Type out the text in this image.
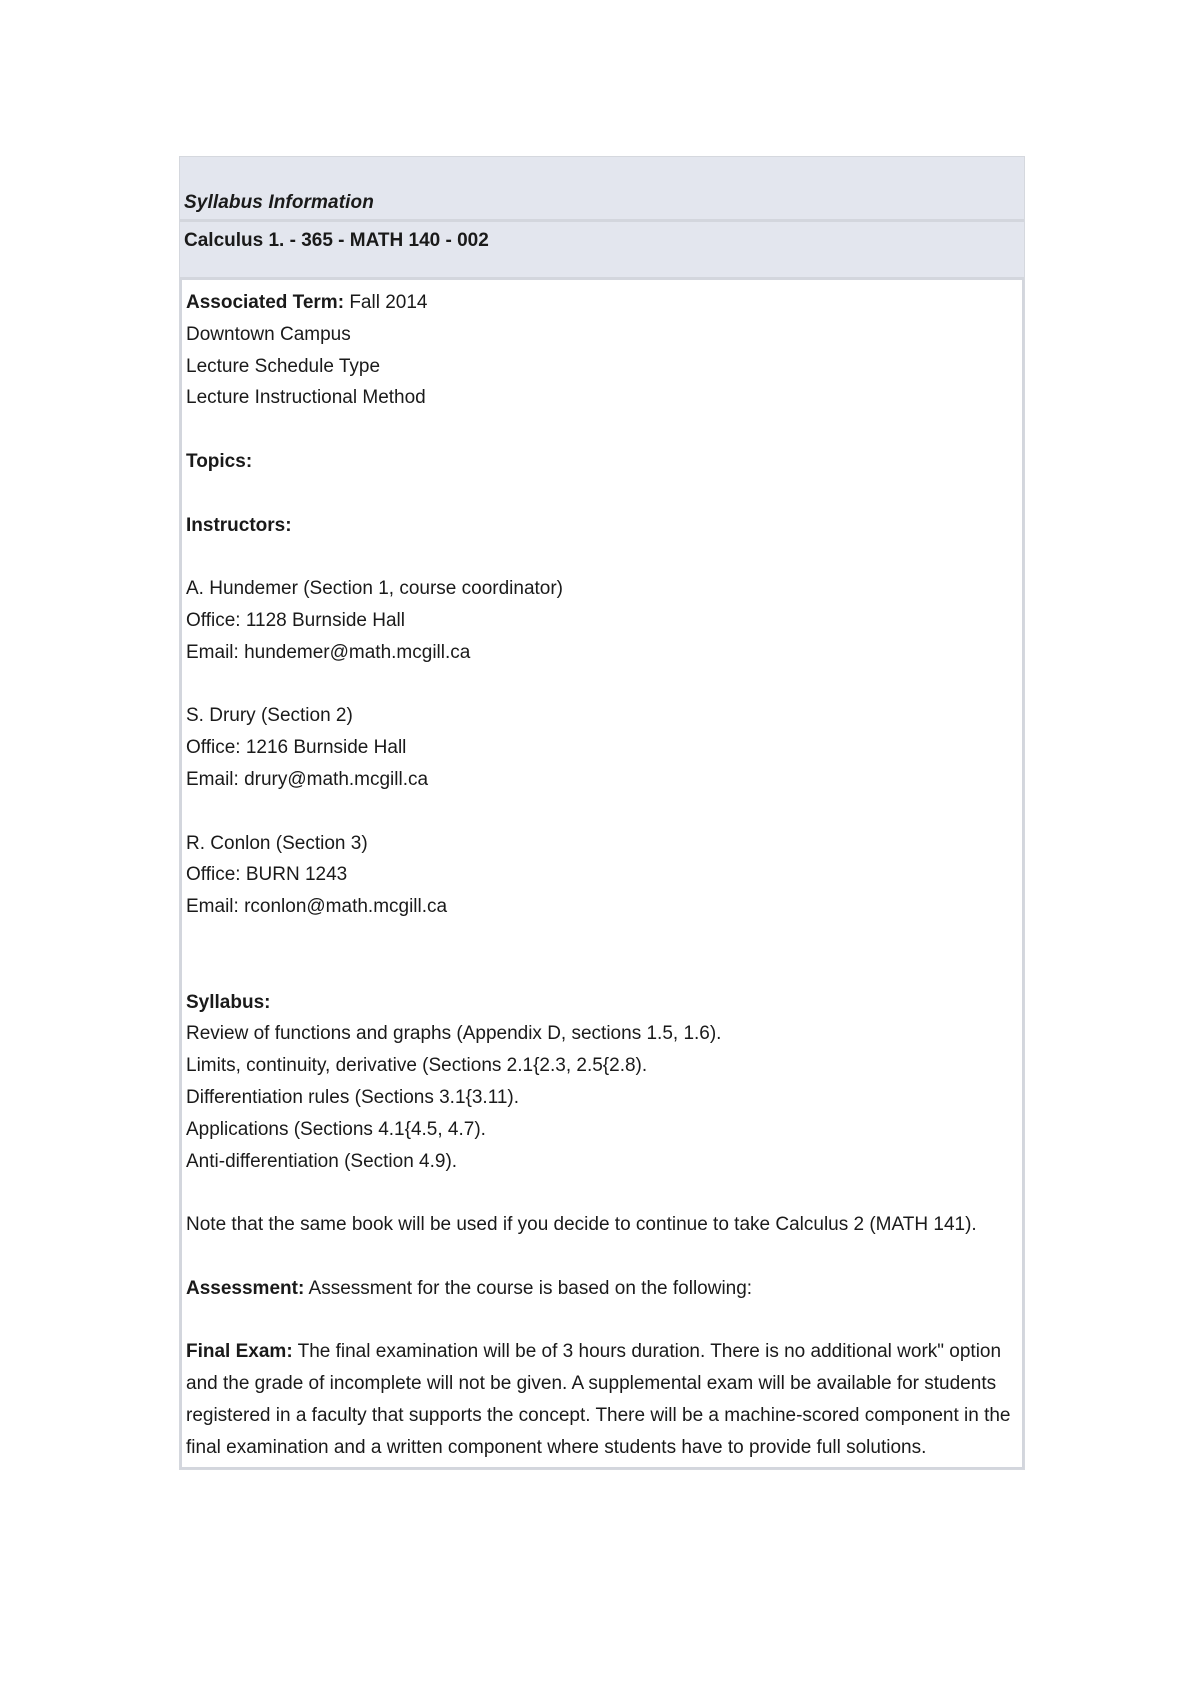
Syllabus Information
Calculus 1. - 365 - MATH 140 - 002
Associated Term: Fall 2014
Downtown Campus
Lecture Schedule Type
Lecture Instructional Method
Topics:
Instructors:
A. Hundemer (Section 1, course coordinator)
Office: 1128 Burnside Hall
Email: hundemer@math.mcgill.ca
S. Drury (Section 2)
Office: 1216 Burnside Hall
Email: drury@math.mcgill.ca
R. Conlon (Section 3)
Office: BURN 1243
Email: rconlon@math.mcgill.ca
Syllabus:
Review of functions and graphs (Appendix D, sections 1.5, 1.6).
Limits, continuity, derivative (Sections 2.1{2.3, 2.5{2.8).
Differentiation rules (Sections 3.1{3.11).
Applications (Sections 4.1{4.5, 4.7).
Anti-differentiation (Section 4.9).
Note that the same book will be used if you decide to continue to take Calculus 2 (MATH 141).
Assessment: Assessment for the course is based on the following:
Final Exam: The final examination will be of 3 hours duration. There is no additional work" option and the grade of incomplete will not be given. A supplemental exam will be available for students registered in a faculty that supports the concept. There will be a machine-scored component in the final examination and a written component where students have to provide full solutions.
